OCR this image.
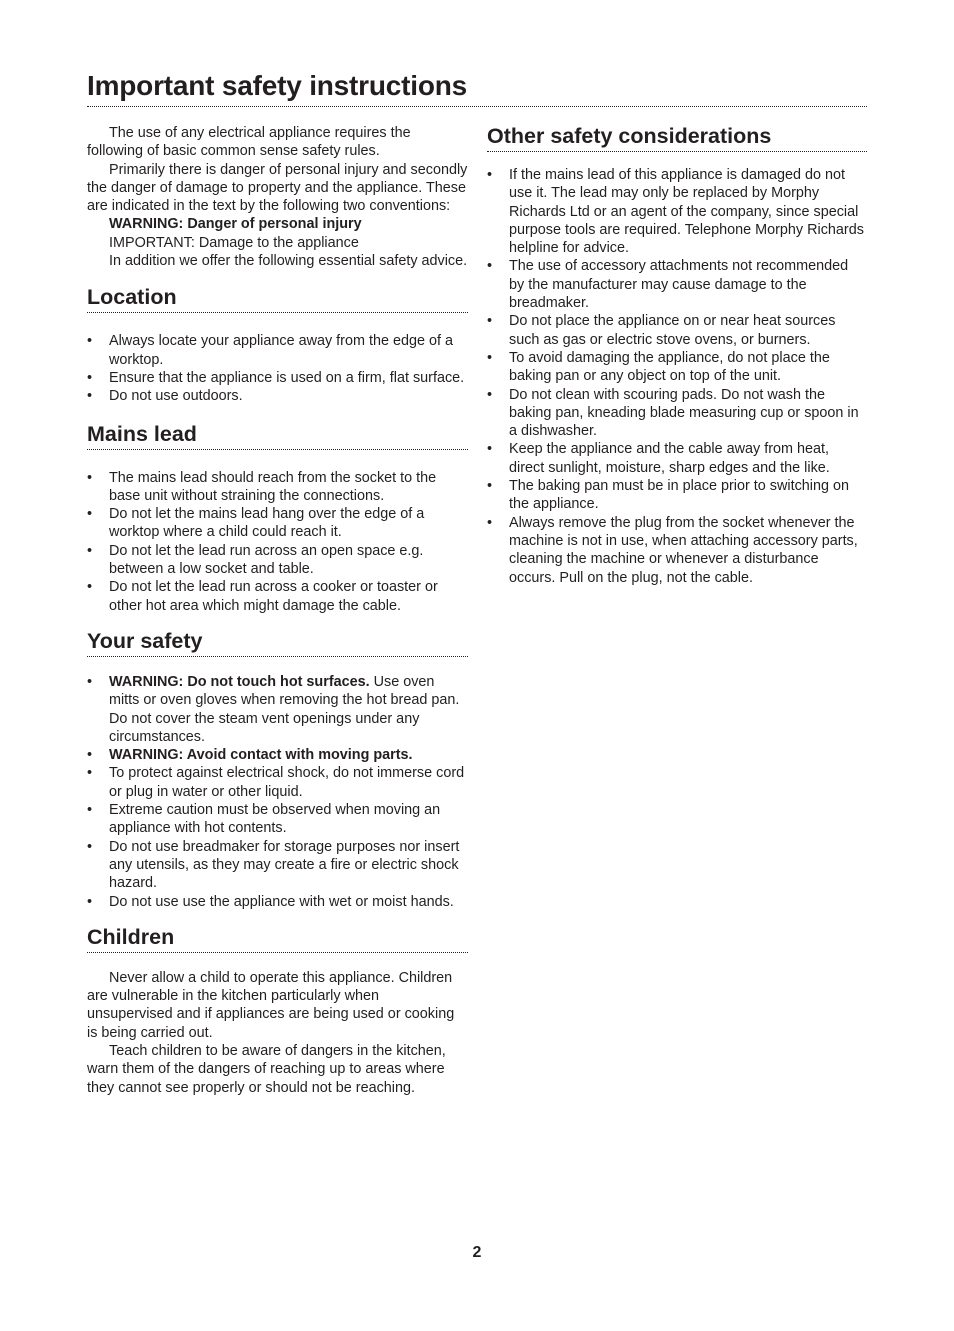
Important safety instructions

The use of any electrical appliance requires the following of basic common sense safety rules.

Primarily there is danger of personal injury and secondly the danger of damage to property and the appliance. These are indicated in the text by the following two conventions:

WARNING: Danger of personal injury

IMPORTANT: Damage to the appliance

In addition we offer the following essential safety advice.

Location
•	Always locate your appliance away from the edge of a worktop.
•	Ensure that the appliance is used on a firm, flat surface.
•	Do not use outdoors.
Mains lead
•	The mains lead should reach from the socket to the base unit without straining the connections.
•	Do not let the mains lead hang over the edge of a worktop where a child could reach it.
•	Do not let the lead run across an open space e.g. between a low socket and table.
•	Do not let the lead run across a cooker or toaster or other hot area which might damage the cable.
Your safety
•	WARNING: Do not touch hot surfaces. Use oven mitts or oven gloves when removing the hot bread pan. Do not cover the steam vent openings under any circumstances.
•	WARNING: Avoid contact with moving parts.
•	To protect against electrical shock, do not immerse cord or plug in water or other liquid.
•	Extreme caution must be observed when moving an appliance with hot contents.
•	Do not use breadmaker for storage purposes nor insert any utensils, as they may create a fire or electric shock hazard.
•	Do not use use the appliance with wet or moist hands.
Children

Never allow a child to operate this appliance. Children are vulnerable in the kitchen particularly when unsupervised and if appliances are being used or cooking is being carried out.

Teach children to be aware of dangers in the kitchen, warn them of the dangers of reaching up to areas where they cannot see properly or should not be reaching.

Other safety considerations
•	If the mains lead of this appliance is damaged do not use it. The lead may only be replaced by Morphy Richards Ltd or an agent of the company, since special purpose tools are required. Telephone Morphy Richards helpline for advice.
•	The use of accessory attachments not recommended by the manufacturer may cause damage to the breadmaker.
•	Do not place the appliance on or near heat sources such as gas or electric stove ovens, or burners.
•	To avoid damaging the appliance, do not place the baking pan or any object on top of the unit.
•	Do not clean with scouring pads. Do not wash the baking pan, kneading blade measuring cup or spoon in a dishwasher.
•	Keep the appliance and the cable away from heat, direct sunlight, moisture, sharp edges and the like.
•	The baking pan must be in place prior to switching on the appliance.
•	Always remove the plug from the socket whenever the machine is not in use, when attaching accessory parts, cleaning the machine or whenever a disturbance occurs. Pull on the plug, not the cable.
2
